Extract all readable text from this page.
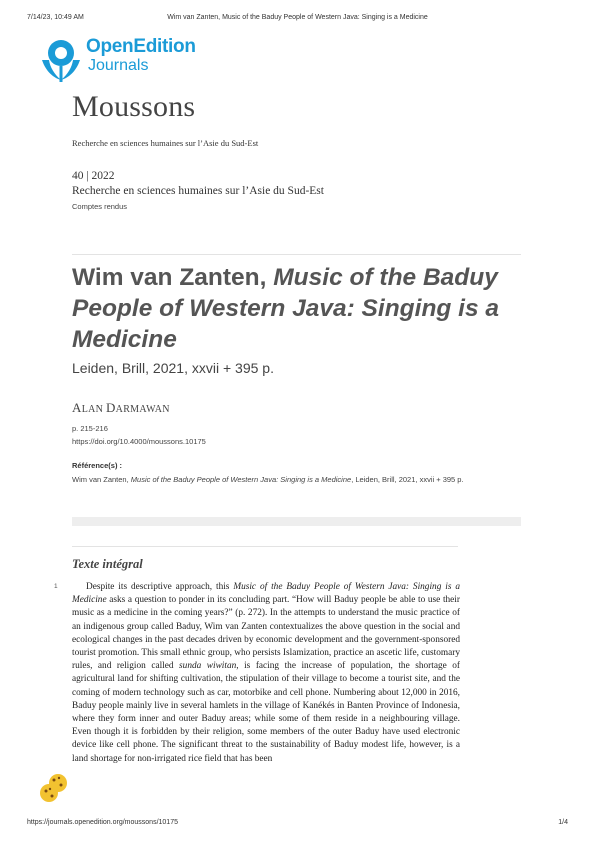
7/14/23, 10:49 AM	Wim van Zanten, Music of the Baduy People of Western Java: Singing is a Medicine
OpenEdition
Journals
Moussons
Recherche en sciences humaines sur l’Asie du Sud-Est
40 | 2022
Recherche en sciences humaines sur l’Asie du Sud-Est
Comptes rendus
Wim van Zanten, Music of the Baduy People of Western Java: Singing is a Medicine
Leiden, Brill, 2021, xxvii + 395 p.
ALAN DARMAWAN
p. 215-216
https://doi.org/10.4000/moussons.10175
Référence(s) :
Wim van Zanten, Music of the Baduy People of Western Java: Singing is a Medicine, Leiden, Brill, 2021, xxvii + 395 p.
Texte intégral
1	Despite its descriptive approach, this Music of the Baduy People of Western Java: Singing is a Medicine asks a question to ponder in its concluding part. “How will Baduy people be able to use their music as a medicine in the coming years?” (p. 272). In the attempts to understand the music practice of an indigenous group called Baduy, Wim van Zanten contextualizes the above question in the social and ecological changes in the past decades driven by economic development and the government-sponsored tourist promotion. This small ethnic group, who persists Islamization, practice an ascetic life, customary rules, and religion called sunda wiwitan, is facing the increase of population, the shortage of agricultural land for shifting cultivation, the stipulation of their village to become a tourist site, and the coming of modern technology such as car, motorbike and cell phone. Numbering about 12,000 in 2016, Baduy people mainly live in several hamlets in the village of Kanékés in Banten Province of Indonesia, where they form inner and outer Baduy areas; while some of them reside in a neighbouring village. Even though it is forbidden by their religion, some members of the outer Baduy have used electronic device like cell phone. The significant threat to the sustainability of Baduy modest life, however, is a land shortage for non-irrigated rice field that has been

https://journals.openedition.org/moussons/10175	1/4
